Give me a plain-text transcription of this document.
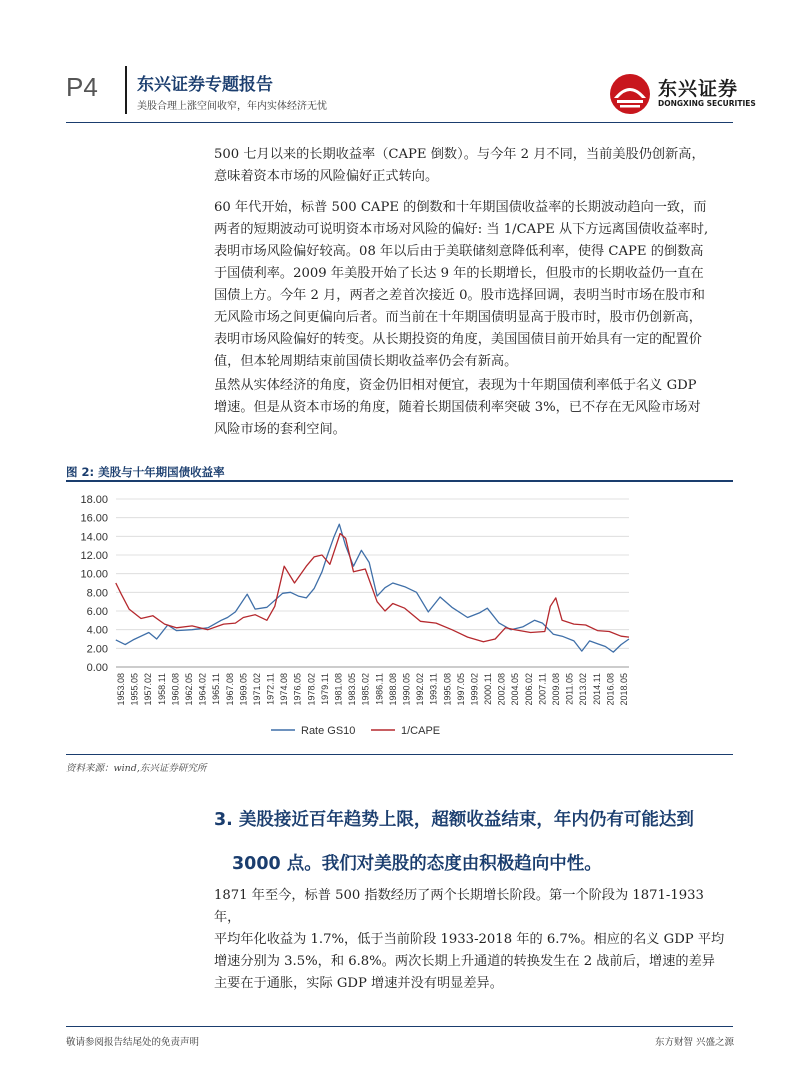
P4 东兴证券专题报告
美股合理上涨空间收窄，年内实体经济无忧
东兴证券
DONGXING SECURITIES
500 七月以来的长期收益率（CAPE 倒数）。与今年 2 月不同，当前美股仍创新高，
意味着资本市场的风险偏好正式转向。
60 年代开始，标普 500 CAPE 的倒数和十年期国债收益率的长期波动趋向一致，而
两者的短期波动可说明资本市场对风险的偏好: 当 1/CAPE 从下方远离国债收益率时,
表明市场风险偏好较高。08 年以后由于美联储刻意降低利率，使得 CAPE 的倒数高
于国债利率。2009 年美股开始了长达 9 年的长期增长，但股市的长期收益仍一直在
国债上方。今年 2 月，两者之差首次接近 0。股市选择回调，表明当时市场在股市和
无风险市场之间更偏向后者。而当前在十年期国债明显高于股市时，股市仍创新高，
表明市场风险偏好的转变。从长期投资的角度，美国国债目前开始具有一定的配置价
值，但本轮周期结束前国债长期收益率仍会有新高。
虽然从实体经济的角度，资金仍旧相对便宜，表现为十年期国债利率低于名义 GDP
增速。但是从资本市场的角度，随着长期国债利率突破 3%，已不存在无风险市场对
风险市场的套利空间。
图 2: 美股与十年期国债收益率
0.00
2.00
4.00
6.00
8.00
10.00
12.00
14.00
16.00
18.00
1953.08 1955.05 1957.02 1958.11 1960.08 1962.05 1964.02 1965.11 1967.08 1969.05 1971.02 1972.11 1974.08 1976.05 1978.02 1979.11 1981.08 1983.05 1985.02 1986.11 1988.08 1990.05 1992.02 1993.11 1995.08 1997.05 1999.02 2000.11 2002.08 2004.05 2006.02 2007.11 2009.08 2011.05 2013.02 2014.11 2016.08 2018.05
Rate GS10	1/CAPE
资料来源：wind,东兴证券研究所
3. 美股接近百年趋势上限，超额收益结束，年内仍有可能达到
3000 点。我们对美股的态度由积极趋向中性。
1871 年至今，标普 500 指数经历了两个长期增长阶段。第一个阶段为 1871-1933 年，
平均年化收益为 1.7%，低于当前阶段 1933-2018 年的 6.7%。相应的名义 GDP 平均
增速分别为 3.5%，和 6.8%。两次长期上升通道的转换发生在 2 战前后，增速的差异
主要在于通胀，实际 GDP 增速并没有明显差异。
敬请参阅报告结尾处的免责声明	东方财智 兴盛之源
